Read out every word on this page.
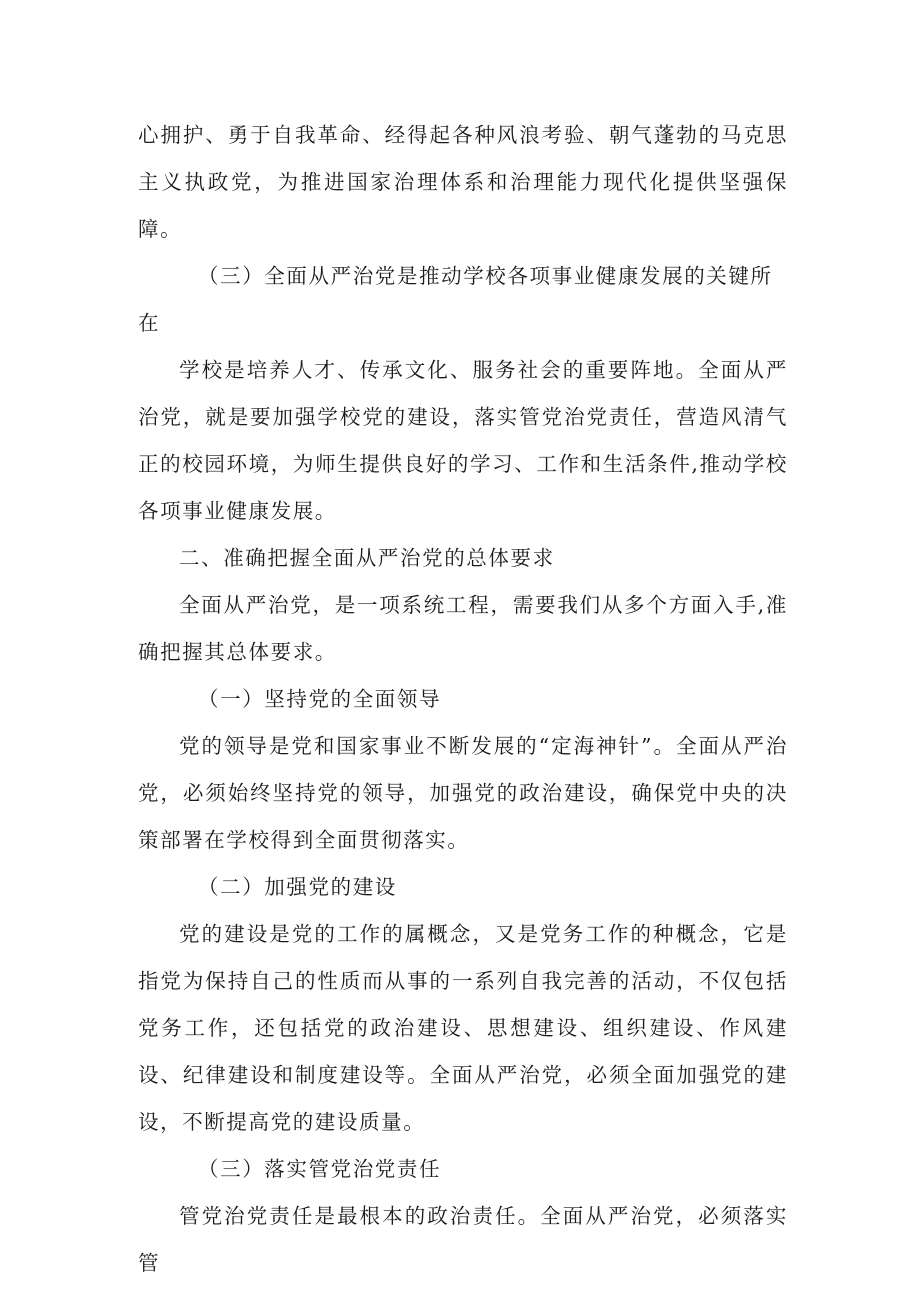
心拥护、勇于自我革命、经得起各种风浪考验、朝气蓬勃的马克思主义执政党，为推进国家治理体系和治理能力现代化提供坚强保障。

（三）全面从严治党是推动学校各项事业健康发展的关键所在

学校是培养人才、传承文化、服务社会的重要阵地。全面从严治党，就是要加强学校党的建设，落实管党治党责任，营造风清气正的校园环境，为师生提供良好的学习、工作和生活条件,推动学校各项事业健康发展。

二、准确把握全面从严治党的总体要求

全面从严治党，是一项系统工程，需要我们从多个方面入手,准确把握其总体要求。

（一）坚持党的全面领导

党的领导是党和国家事业不断发展的“定海神针”。全面从严治党，必须始终坚持党的领导，加强党的政治建设，确保党中央的决策部署在学校得到全面贯彻落实。

（二）加强党的建设

党的建设是党的工作的属概念，又是党务工作的种概念，它是指党为保持自己的性质而从事的一系列自我完善的活动，不仅包括党务工作，还包括党的政治建设、思想建设、组织建设、作风建设、纪律建设和制度建设等。全面从严治党，必须全面加强党的建设，不断提高党的建设质量。

（三）落实管党治党责任

管党治党责任是最根本的政治责任。全面从严治党，必须落实管
